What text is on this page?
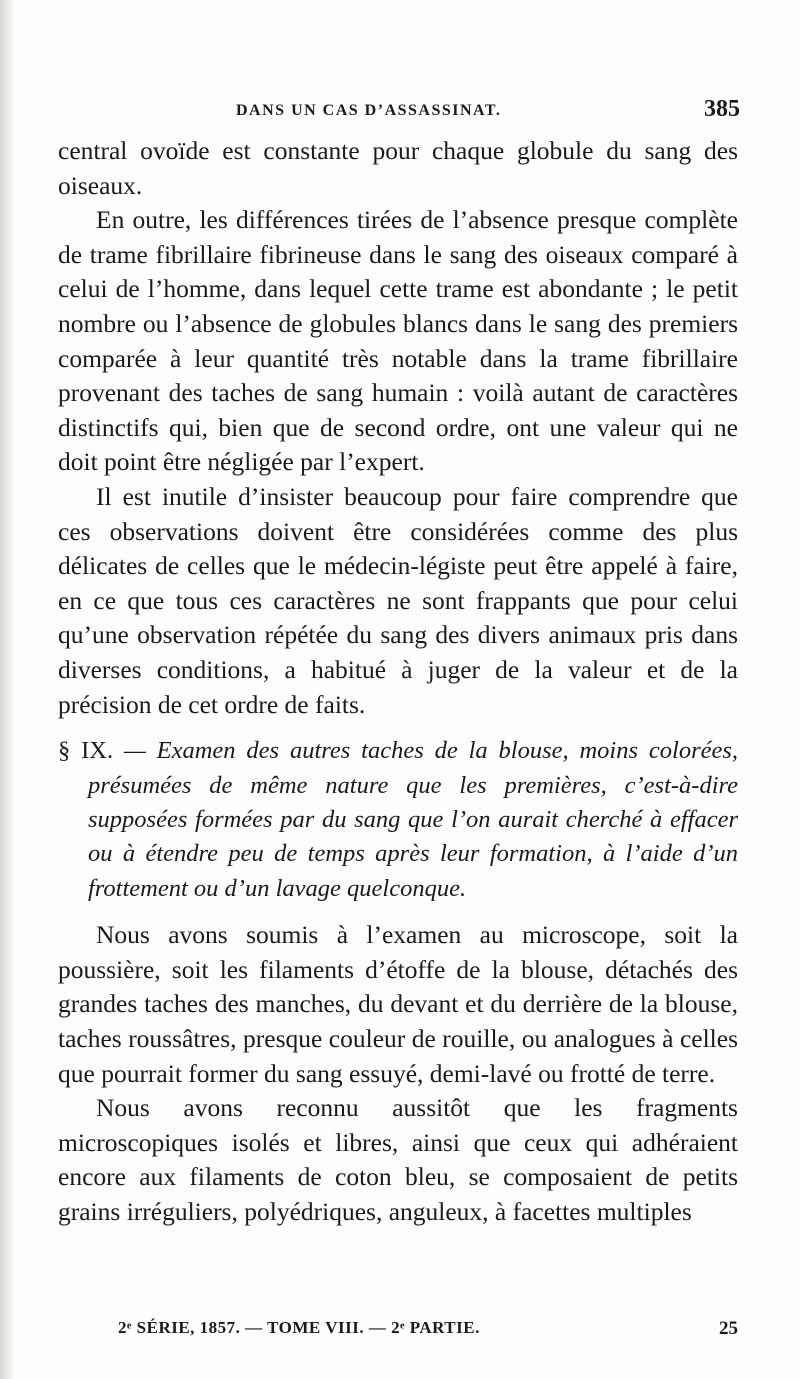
DANS UN CAS D’ASSASSINAT.	385

central ovoïde est constante pour chaque globule du sang des oiseaux.

En outre, les différences tirées de l’absence presque complète de trame fibrillaire fibrineuse dans le sang des oiseaux comparé à celui de l’homme, dans lequel cette trame est abondante ; le petit nombre ou l’absence de globules blancs dans le sang des premiers comparée à leur quantité très notable dans la trame fibrillaire provenant des taches de sang humain : voilà autant de caractères distinctifs qui, bien que de second ordre, ont une valeur qui ne doit point être négligée par l’expert.

Il est inutile d’insister beaucoup pour faire comprendre que ces observations doivent être considérées comme des plus délicates de celles que le médecin-légiste peut être appelé à faire, en ce que tous ces caractères ne sont frappants que pour celui qu’une observation répétée du sang des divers animaux pris dans diverses conditions, a habitué à juger de la valeur et de la précision de cet ordre de faits.

§ IX. — Examen des autres taches de la blouse, moins colorées, présumées de même nature que les premières, c’est-à-dire supposées formées par du sang que l’on aurait cherché à effacer ou à étendre peu de temps après leur formation, à l’aide d’un frottement ou d’un lavage quelconque.

Nous avons soumis à l’examen au microscope, soit la poussière, soit les filaments d’étoffe de la blouse, détachés des grandes taches des manches, du devant et du derrière de la blouse, taches roussâtres, presque couleur de rouille, ou analogues à celles que pourrait former du sang essuyé, demi-lavé ou frotté de terre.

Nous avons reconnu aussitôt que les fragments microscopiques isolés et libres, ainsi que ceux qui adhéraient encore aux filaments de coton bleu, se composaient de petits grains irréguliers, polyédriques, anguleux, à facettes multiples

2ᵉ SÉRIE, 1857. — TOME VIII. — 2ᵉ PARTIE.	25
